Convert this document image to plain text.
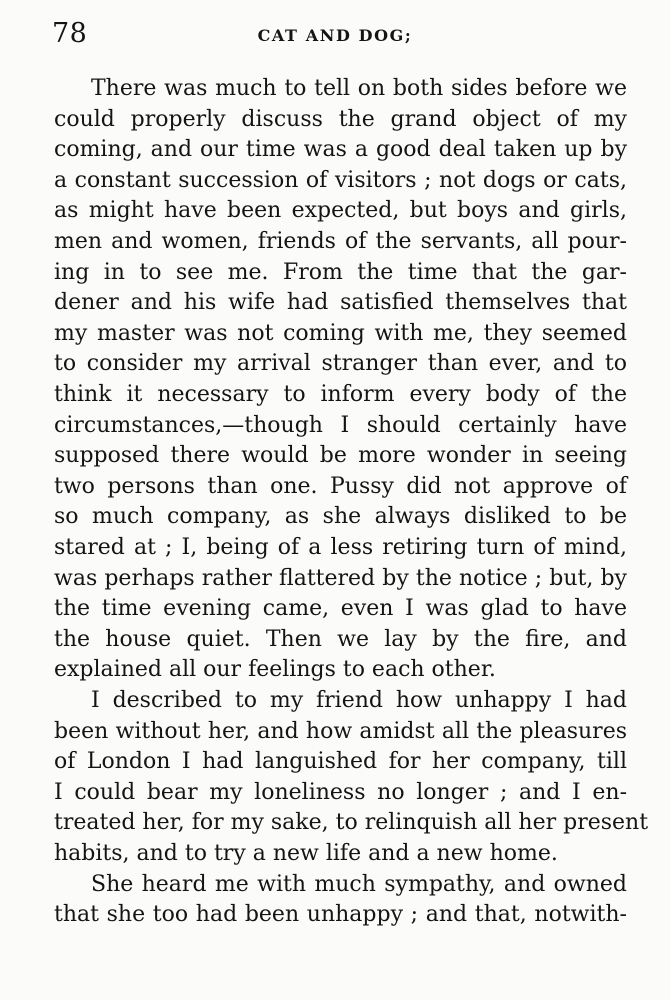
78	CAT AND DOG;
There was much to tell on both sides before we
could properly discuss the grand object of my
coming, and our time was a good deal taken up by
a constant succession of visitors ; not dogs or cats,
as might have been expected, but boys and girls,
men and women, friends of the servants, all pour-
ing in to see me. From the time that the gar-
dener and his wife had satisfied themselves that
my master was not coming with me, they seemed
to consider my arrival stranger than ever, and to
think it necessary to inform every body of the
circumstances,—though I should certainly have
supposed there would be more wonder in seeing
two persons than one. Pussy did not approve of
so much company, as she always disliked to be
stared at ; I, being of a less retiring turn of mind,
was perhaps rather flattered by the notice ; but, by
the time evening came, even I was glad to have
the house quiet. Then we lay by the fire, and
explained all our feelings to each other.
I described to my friend how unhappy I had
been without her, and how amidst all the pleasures
of London I had languished for her company, till
I could bear my loneliness no longer ; and I en-
treated her, for my sake, to relinquish all her present
habits, and to try a new life and a new home.
She heard me with much sympathy, and owned
that she too had been unhappy ; and that, notwith-
